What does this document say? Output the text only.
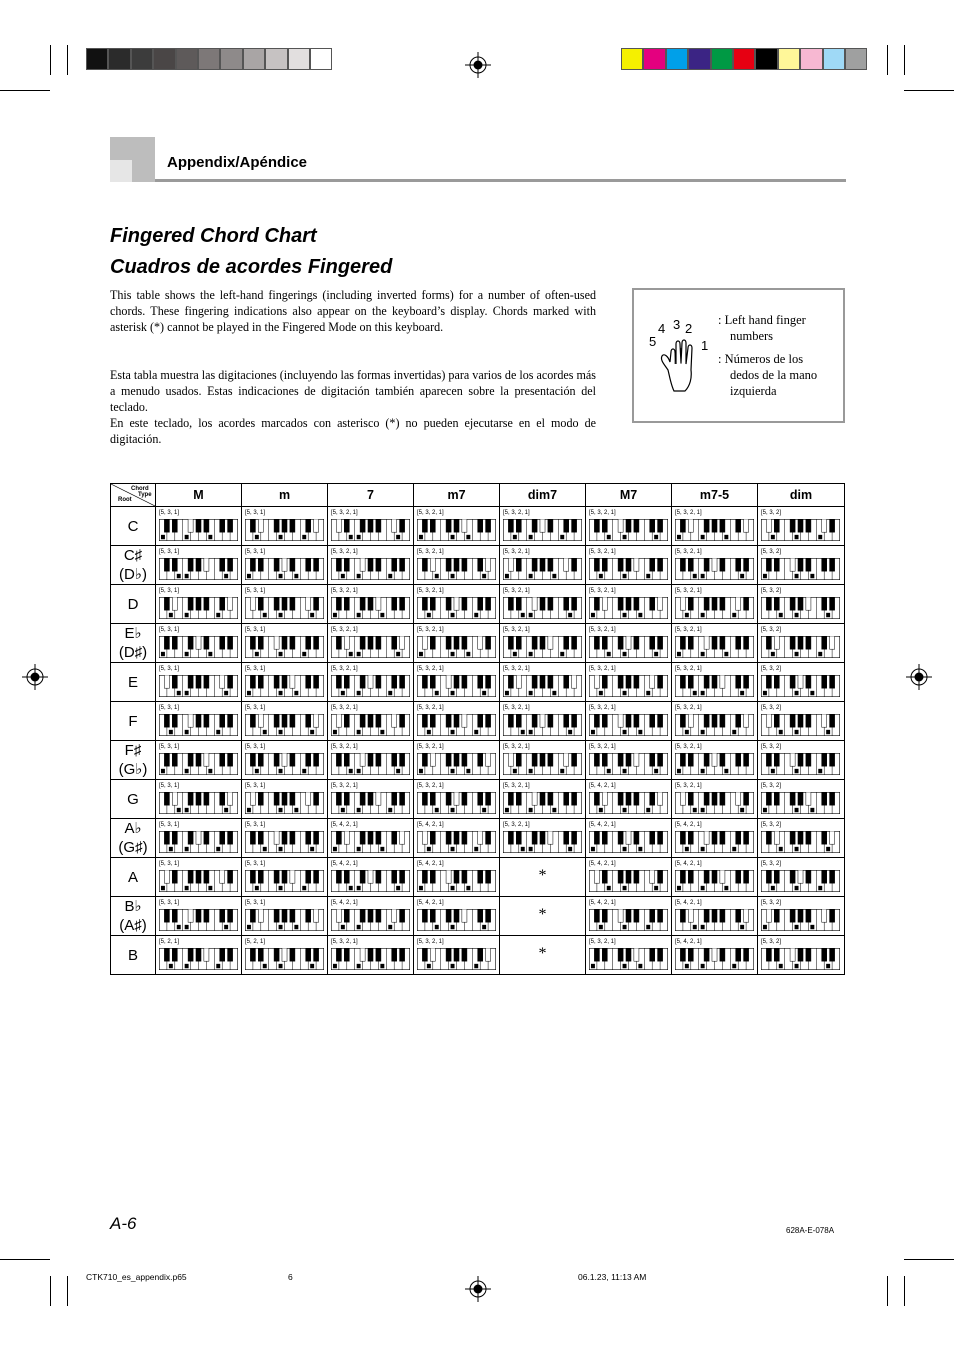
Appendix/Apéndice
Fingered Chord Chart
Cuadros de acordes Fingered
This table shows the left-hand fingerings (including inverted forms) for a number of often-used chords. These fingering indications also appear on the keyboard’s display. Chords marked with asterisk (*) cannot be played in the Fingered Mode on this keyboard.
Esta tabla muestra las digitaciones (incluyendo las formas invertidas) para varios de los acordes más a menudo usados. Estas indicaciones de digitación también aparecen sobre la presentación del teclado.
En este teclado, los acordes marcados con asterisco (*) no pueden ejecutarse en el modo de digitación.
5
4 3 2
1
: Left hand finger
numbers
: Números de los
dedos de la mano
izquierda
Chord
Type
Root	M	m	7	m7	dim7	M7	m7-5	dim

C	[5, 3, 1]	[5, 3, 1]	[5, 3, 2, 1]	[5, 3, 2, 1]	[5, 3, 2, 1]	[5, 3, 2, 1]	[5, 3, 2, 1]	[5, 3, 2]

C♯
(D♭)	[5, 3, 1]	[5, 3, 1]	[5, 3, 2, 1]	[5, 3, 2, 1]	[5, 3, 2, 1]	[5, 3, 2, 1]	[5, 3, 2, 1]	[5, 3, 2]

D	[5, 3, 1]	[5, 3, 1]	[5, 3, 2, 1]	[5, 3, 2, 1]	[5, 3, 2, 1]	[5, 3, 2, 1]	[5, 3, 2, 1]	[5, 3, 2]

E♭
(D♯)	[5, 3, 1]	[5, 3, 1]	[5, 3, 2, 1]	[5, 3, 2, 1]	[5, 3, 2, 1]	[5, 3, 2, 1]	[5, 3, 2, 1]	[5, 3, 2]

E	[5, 3, 1]	[5, 3, 1]	[5, 3, 2, 1]	[5, 3, 2, 1]	[5, 3, 2, 1]	[5, 3, 2, 1]	[5, 3, 2, 1]	[5, 3, 2]

F	[5, 3, 1]	[5, 3, 1]	[5, 3, 2, 1]	[5, 3, 2, 1]	[5, 3, 2, 1]	[5, 3, 2, 1]	[5, 3, 2, 1]	[5, 3, 2]

F♯
(G♭)	[5, 3, 1]	[5, 3, 1]	[5, 3, 2, 1]	[5, 3, 2, 1]	[5, 3, 2, 1]	[5, 3, 2, 1]	[5, 3, 2, 1]	[5, 3, 2]

G	[5, 3, 1]	[5, 3, 1]	[5, 3, 2, 1]	[5, 3, 2, 1]	[5, 3, 2, 1]	[5, 4, 2, 1]	[5, 3, 2, 1]	[5, 3, 2]

A♭
(G♯)	[5, 3, 1]	[5, 3, 1]	[5, 4, 2, 1]	[5, 4, 2, 1]	[5, 3, 2, 1]	[5, 4, 2, 1]	[5, 4, 2, 1]	[5, 3, 2]

A	[5, 3, 1]	[5, 3, 1]	[5, 4, 2, 1]	[5, 4, 2, 1]	*	[5, 4, 2, 1]	[5, 4, 2, 1]	[5, 3, 2]

B♭
(A♯)	[5, 3, 1]	[5, 3, 1]	[5, 4, 2, 1]	[5, 4, 2, 1]	*	[5, 4, 2, 1]	[5, 4, 2, 1]	[5, 3, 2]

B	[5, 2, 1]	[5, 2, 1]	[5, 3, 2, 1]	[5, 3, 2, 1]	*	[5, 3, 2, 1]	[5, 4, 2, 1]	[5, 3, 2]
A-6	628A-E-078A
CTK710_es_appendix.p65	6	06.1.23, 11:13 AM
